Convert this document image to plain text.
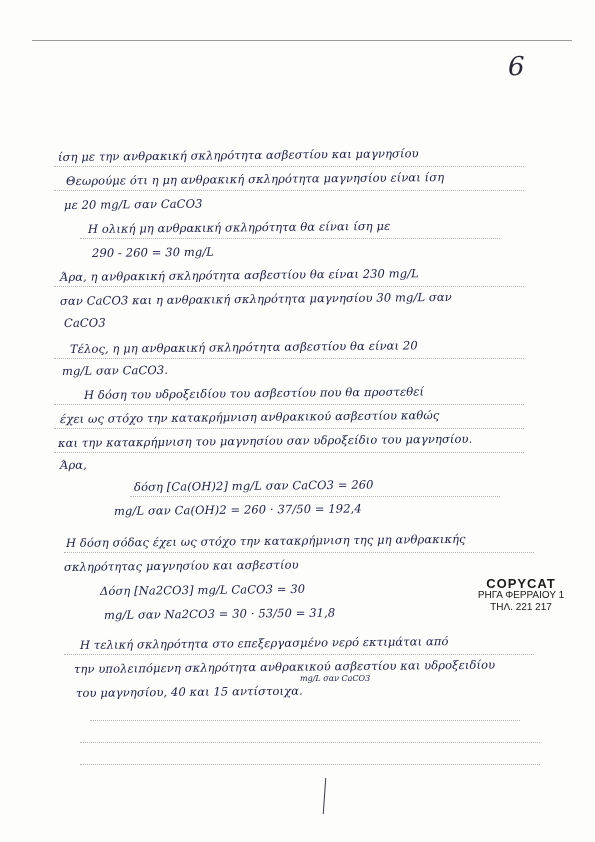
6
ίση με την ανθρακική σκληρότητα ασβεστίου και μαγνησίου
Θεωρούμε ότι η μη ανθρακική σκληρότητα μαγνησίου είναι ίση
με 20 mg/L σαν CaCO3
Η ολική μη ανθρακική σκληρότητα θα είναι ίση με
290 - 260 = 30 mg/L
Άρα, η ανθρακική σκληρότητα ασβεστίου θα είναι 230 mg/L
σαν CaCO3 και η ανθρακική σκληρότητα μαγνησίου 30 mg/L σαν
CaCO3
Τέλος, η μη ανθρακική σκληρότητα ασβεστίου θα είναι 20
mg/L σαν CaCO3.
Η δόση του υδροξειδίου του ασβεστίου που θα προστεθεί
έχει ως στόχο την κατακρήμνιση ανθρακικού ασβεστίου καθώς
και την κατακρήμνιση του μαγνησίου σαν υδροξείδιο του μαγνησίου.
Άρα,
δόση [Ca(OH)2] mg/L σαν CaCO3 = 260
mg/L σαν Ca(OH)2 = 260 · 37/50 = 192,4
Η δόση σόδας έχει ως στόχο την κατακρήμνιση της μη ανθρακικής
σκληρότητας μαγνησίου και ασβεστίου
Δόση [Na2CO3] mg/L CaCO3 = 30
mg/L σαν Na2CO3 = 30 · 53/50 = 31,8
COPYCAT
ΡΗΓΑ ΦΕΡΡΑΙΟΥ 1
ΤΗΛ. 221 217
Η τελική σκληρότητα στο επεξεργασμένο νερό εκτιμάται από
την υπολειπόμενη σκληρότητα ανθρακικού ασβεστίου και υδροξειδίου
mg/L σαν CaCO3
του μαγνησίου, 40 και 15 αντίστοιχα.
